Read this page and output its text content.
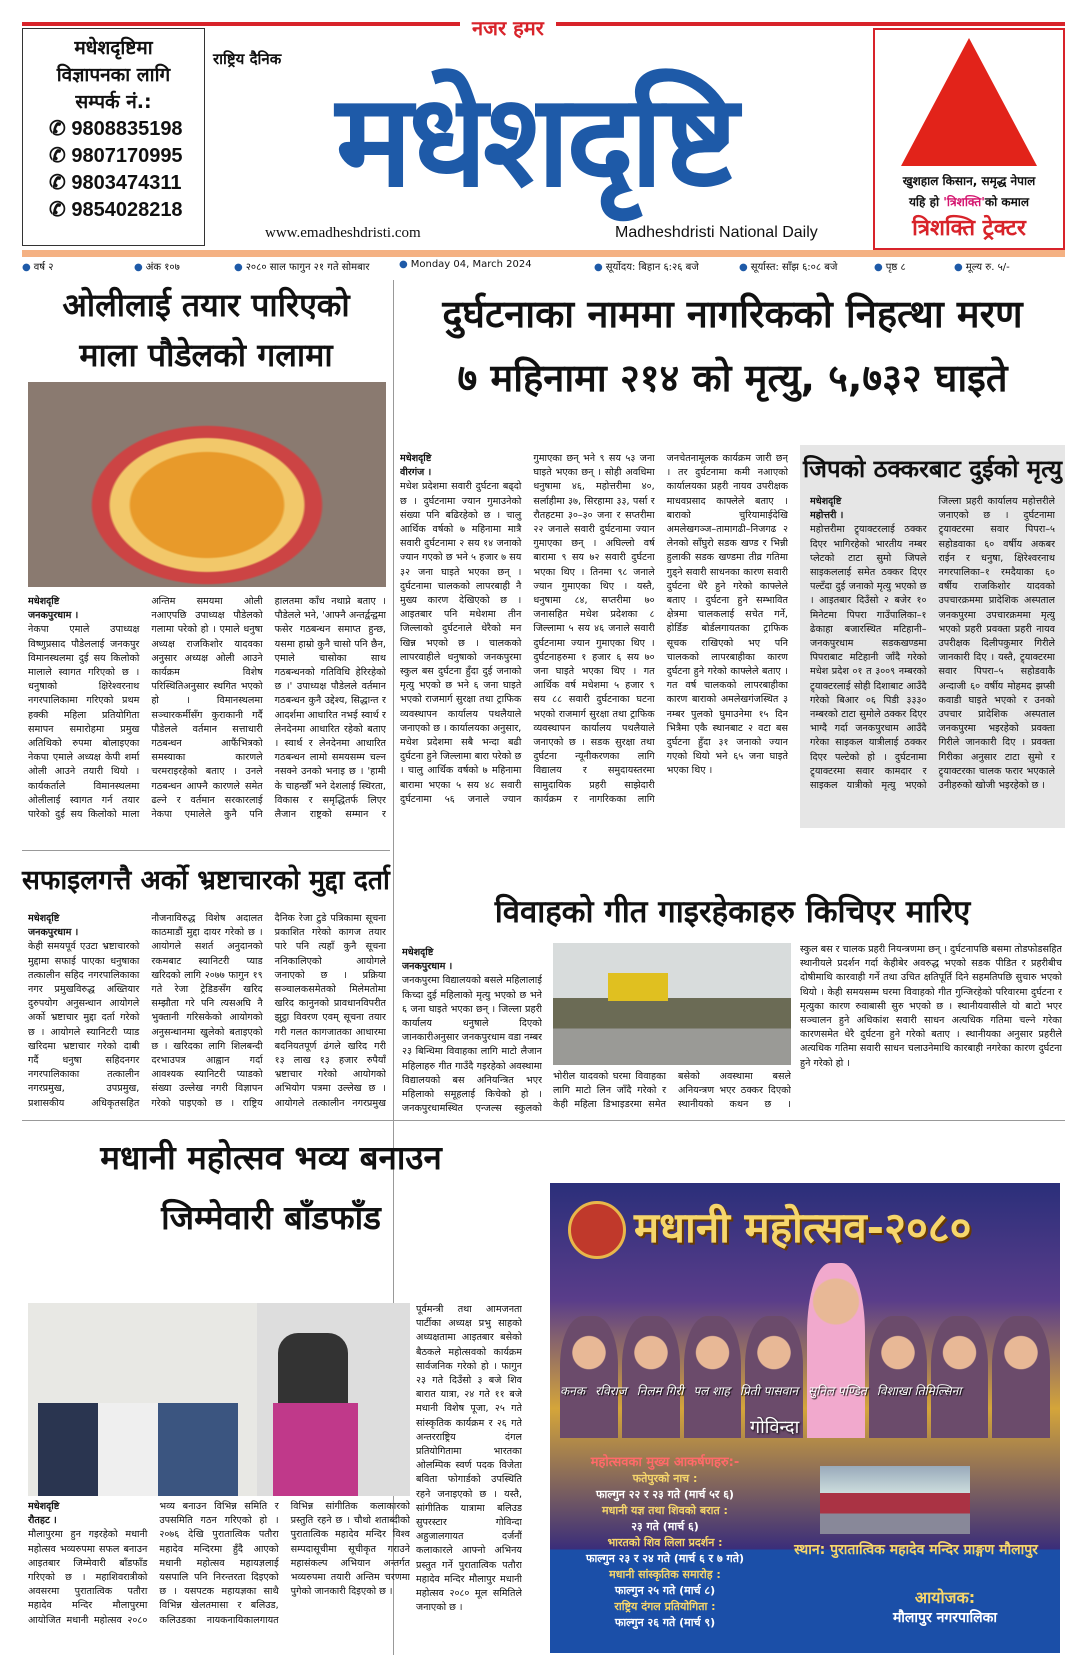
नजर हमर
मधेशदृष्टिमा
विज्ञापनका लागि
सम्पर्क नं.:
✆ 9808835198
✆ 9807170995
✆ 9803474311
✆ 9854028218
राष्ट्रिय दैनिक
मधेशदृष्टि
www.emadheshdristi.com	Madheshdristi National Daily
खुशहाल किसान, समृद्ध नेपाल
यहि हो 'त्रिशक्ति'को कमाल
त्रिशक्ति ट्रेक्टर
● वर्ष २	● अंक १०७	● २०८० साल फागुन २१ गते सोमबार	● Monday 04, March 2024	● सूर्योदय: बिहान ६:२६ बजे	● सूर्यास्त: साँझ ६:०८ बजे	● पृष्ठ ८	● मूल्य रु. ५/-
ओलीलाई तयार पारिएको
माला पौडेलको गलामा
मधेशदृष्टि
जनकपुरधाम ।
नेकपा एमाले उपाध्यक्ष विष्णुप्रसाद पौडेललाई जनकपुर विमानस्थलमा दुई सय किलोको मालाले स्वागत गरिएको छ । धनुषाको क्षिरेश्वरनाथ नगरपालिकामा गरिएको प्रथम हक्की महिला प्रतियोगिता समापन समारोहमा प्रमुख अतिथिको रुपमा बोलाइएका नेकपा एमाले अध्यक्ष केपी शर्मा ओली आउने तयारी थियो । कार्यकर्ताले विमानस्थलमा ओलीलाई स्वागत गर्न तयार पारेको दुई सय किलोको माला अन्तिम समयमा ओली नआएपछि उपाध्यक्ष पौडेलको गलामा परेको हो । एमाले धनुषा अध्यक्ष राजकिशोर यादवका अनुसार अध्यक्ष ओली आउने कार्यक्रम विशेष परिस्थितिअनुसार स्थगित भएको हो । विमानस्थलमा सञ्चारकर्मीसँग कुराकानी गर्दै पौडेलले वर्तमान सत्ताधारी गठबन्धन आफैंभित्रको समस्याका कारणले चरमराइरहेको बताए । उनले गठबन्धन आफ्नै कारणले समेत ढल्ने र वर्तमान सरकारलाई नेकपा एमालेले कुनै पनि हालतमा काँध नथाप्ने बताए । पौडेलले भने, 'आफ्नै अन्तर्द्वन्द्वमा फसेर गठबन्धन समाप्त हुन्छ, यसमा हाम्रो कुनै चासो पनि छैन, एमाले चासोका साथ गठबन्धनको गतिविधि हेरिरहेको छ ।' उपाध्यक्ष पौडेलले वर्तमान गठबन्धन कुनै उद्देश्य, सिद्धान्त र आदर्शमा आधारित नभई स्वार्थ र लेनदेनमा आधारित रहेको बताए । स्वार्थ र लेनदेनमा आधारित गठबन्धन लामो समयसम्म चल्न नसक्ने उनको भनाइ छ । 'हामी के चाहन्छौँ भने देशलाई स्थिरता, विकास र समृद्धितर्फ लिएर लैजान राष्ट्रको सम्मान र
दुर्घटनाका नाममा नागरिकको निहत्था मरण
७ महिनामा २१४ को मृत्यु, ५,७३२ घाइते
मधेशदृष्टि
वीरगंज ।
मधेश प्रदेशमा सवारी दुर्घटना बढ्दो छ । दुर्घटनामा ज्यान गुमाउनेको संख्या पनि बढिरहेको छ । चालु आर्थिक वर्षको ७ महिनामा मात्रै सवारी दुर्घटनामा २ सय १४ जनाको ज्यान गएको छ भने ५ हजार ७ सय ३२ जना घाइते भएका छन् । दुर्घटनामा चालकको लापरबाही नै मुख्य कारण देखिएको छ । आइतबार पनि मधेशमा तीन जिल्लाको दुर्घटनाले धेरैको मन खिन्न भएको छ । चालकको लापरवाहीले धनुषाको जनकपुरमा स्कुल बस दुर्घटना हुँदा दुई जनाको मृत्यु भएको छ भने ६ जना घाइते भएको राजमार्ग सुरक्षा तथा ट्राफिक व्यवस्थापन कार्यालय पथलैयाले जनाएको छ । कार्यालयका अनुसार, मधेश प्रदेशमा सबै भन्दा बढी दुर्घटना हुने जिल्लामा बारा परेको छ । चालु आर्थिक वर्षको ७ महिनामा बारामा भएका ५ सय ४८ सवारी दुर्घटनामा ५६ जनाले ज्यान गुमाएका छन् भने ९ सय ५३ जना घाइते भएका छन् । सोही अवधिमा धनुषामा ४६, महोत्तरीमा ४०, सर्लाहीमा ३७, सिरहामा ३३, पर्सा र रौतहटमा ३०–३० जना र सप्तरीमा २२ जनाले सवारी दुर्घटनामा ज्यान गुमाएका छन् । अघिल्लो वर्ष बारामा ९ सय ७२ सवारी दुर्घटना भएका थिए । तिनमा ९८ जनाले ज्यान गुमाएका थिए । यस्तै, धनुषामा ८४, सप्तरीमा ७० जनासहित मधेश प्रदेशका ८ जिल्लामा ५ सय ४६ जनाले सवारी दुर्घटनामा ज्यान गुमाएका थिए । दुर्घटनाहरुमा १ हजार ६ सय ७० जना घाइते भएका थिए । गत आर्थिक वर्ष मधेशमा ५ हजार ९ सय ८८ सवारी दुर्घटनाका घटना भएको राजमार्ग सुरक्षा तथा ट्राफिक व्यवस्थापन कार्यालय पथलैयाले जनाएको छ । सडक सुरक्षा तथा दुर्घटना न्यूनीकरणका लागि विद्यालय र समुदायस्तरमा सामुदायिक प्रहरी साझेदारी कार्यक्रम र नागरिकका लागि जनचेतनामूलक कार्यक्रम जारी छन् । तर दुर्घटनामा कमी नआएको कार्यालयका प्रहरी नायव उपरीक्षक माधवप्रसाद काफ्लेले बताए । बाराको चुरियामाईदेखि अमलेखगञ्ज–तामागढी–निजगढ २ लेनको साँघुरो सडक खण्ड र भिन्नी हुलाकी सडक खण्डमा तीव्र गतिमा गुड्ने सवारी साधनका कारण सवारी दुर्घटना धेरै हुने गरेको काफ्लेले बताए । दुर्घटना हुने सम्भावित क्षेत्रमा चालकलाई सचेत गर्ने, होर्डिङ बोर्डलगायतका ट्राफिक सूचक राखिएको भए पनि चालकको लापरबाहीका कारण दुर्घटना हुने गरेको काफ्लेले बताए । गत वर्ष चालकको लापरबाहीका कारण बाराको अमलेखगंजस्थित ३ नम्बर पुलको घुमाउनेमा १५ दिन भित्रैमा एकै स्थानबाट २ वटा बस दुर्घटना हुँदा ३१ जनाको ज्यान गएको थियो भने ६५ जना घाइते भएका थिए ।
जिपको ठक्करबाट दुईको मृत्यु
मधेशदृष्टि
महोत्तरी ।
महोत्तरीमा ट्र्याक्टरलाई ठक्कर दिएर भागिरहेको भारतीय नम्बर प्लेटको टाटा सुमो जिपले साइकललाई समेत ठक्कर दिएर पल्टँदा दुई जनाको मृत्यु भएको छ । आइतबार दिउँसो २ बजेर १० मिनेटमा पिपरा गाउँपालिका–१ ढेकाहा बजारस्थित मटिहानी–जनकपुरधाम सडकखण्डमा पिपराबाट मटिहानी जाँदै गरेको मधेश प्रदेश ०१ त ३००९ नम्बरको ट्र्याक्टरलाई सोही दिशाबाट आउँदै गरेको बिआर ०६ पिडी ३३३० नम्बरको टाटा सुमोले ठक्कर दिएर भाग्दै गर्दा जनकपुरधाम आउँदै गरेका साइकल यात्रीलाई ठक्कर दिएर पल्टेको हो । दुर्घटनामा ट्र्याक्टरमा सवार कामदार र साइकल यात्रीको मृत्यु भएको जिल्ला प्रहरी कार्यालय महोत्तरीले जनाएको छ । दुर्घटनामा ट्र्याक्टरमा सवार पिपरा–५ सहोडवाका ६० वर्षीय अकबर राईन र धनुषा, क्षिरेश्वरनाथ नगरपालिका–१ रमदैयाका ६० वर्षीय राजकिशोर यादवको उपचारक्रममा प्रादेशिक अस्पताल जनकपुरमा उपचारक्रममा मृत्यु भएको प्रहरी प्रवक्ता प्रहरी नायव उपरीक्षक दिलीपकुमार गिरीले जानकारी दिए । यस्तै, ट्र्याक्टरमा सवार पिपरा–५ सहोडवाकै अन्दाजी ६० वर्षीय मोहमद झप्सी कवाडी घाइते भएको र उनको उपचार प्रादेशिक अस्पताल जनकपुरमा भइरहेको प्रवक्ता गिरीले जानकारी दिए । प्रवक्ता गिरीका अनुसार टाटा सुमो र ट्र्याक्टरका चालक फरार भएकाले उनीहरुको खोजी भइरहेको छ ।
सफाइलगत्तै अर्को भ्रष्टाचारको मुद्दा दर्ता
मधेशदृष्टि
जनकपुरधाम ।
केही समयपूर्व एउटा भ्रष्टाचारको मुद्दामा सफाई पाएका धनुषाका तत्कालीन सहिद नगरपालिकाका नगर प्रमुखविरुद्ध अख्तियार दुरुपयोग अनुसन्धान आयोगले अर्को भ्रष्टाचार मुद्दा दर्ता गरेको छ । आयोगले स्यानिटरी प्याड खरिदमा भ्रष्टाचार गरेको दाबी गर्दै धनुषा सहिदनगर नगरपालिकाका तत्कालीन नगरप्रमुख, उपप्रमुख, प्रशासकीय अधिकृतसहित नौजनाविरुद्ध विशेष अदालत काठमाडौं मुद्दा दायर गरेको छ । आयोगले सशर्त अनुदानको रकमबाट स्यानिटरी प्याड खरिदको लागि २०७७ फागुन १९ गते रेजा ट्रेडिङसँग खरिद सम्झौता गरे पनि त्यसअघि नै भुक्तानी गरिसकेको आयोगको अनुसन्धानमा खुलेको बताइएको छ । खरिदका लागि शिलबन्दी दरभाउपत्र आह्वान गर्दा आवश्यक स्यानिटरी प्याडको संख्या उल्लेख नगरी विज्ञापन गरेको पाइएको छ । राष्ट्रिय दैनिक रेजा टुडे पत्रिकामा सूचना प्रकाशित गरेको कागज तयार पारे पनि त्यहाँ कुनै सूचना ननिकालिएको आयोगले जनाएको छ । प्रक्रिया सञ्चालकसमेतको मिलेमतोमा खरिद कानुनको प्रावधानविपरीत झुट्ठा विवरण एवम् सूचना तयार गरी गलत कागजातका आधारमा बदनियतपूर्ण ढंगले खरिद गरी १३ लाख १३ हजार रुपैयाँ भ्रष्टाचार गरेको आयोगको अभियोग पत्रमा उल्लेख छ । आयोगले तत्कालीन नगरप्रमुख
विवाहको गीत गाइरहेकाहरु किचिएर मारिए
मधेशदृष्टि
जनकपुरधाम ।
जनकपुरमा विद्यालयको बसले महिलालाई किच्दा दुई महिलाको मृत्यु भएको छ भने ६ जना घाइते भएका छन् । जिल्ला प्रहरी कार्यालय धनुषाले दिएको जानकारीअनुसार जनकपुरधाम वडा नम्बर २३ बिन्धिमा विवाहका लागि माटो लैजान महिलाहरु गीत गाउँदै गइरहेको अवस्थामा विद्यालयको बस अनियन्त्रित भएर महिलाको समूहलाई किचेको हो । जनकपुरधामस्थित एन्जल्स स्कुलको
भोरील यादवको घरमा विवाहका लागि माटो लिन जाँदै गरेको र केही महिला डिभाइडरमा समेत बसेको अवस्थामा बसले अनियन्त्रण भएर ठक्कर दिएको स्थानीयको कथन छ ।
स्कुल बस र चालक प्रहरी नियन्त्रणमा छन् । दुर्घटनापछि बसमा तोडफोडसहित स्थानीयले प्रदर्शन गर्दा केहीबेर अवरुद्ध भएको सडक पीडित र प्रहरीबीच दोषीमाथि कारवाही गर्ने तथा उचित क्षतिपूर्ति दिने सहमतिपछि सुचारु भएको थियो । केही समयसम्म घरमा विवाहको गीत गुन्जिरहेको परिवारमा दुर्घटना र मृत्युका कारण रुवाबासी सुरु भएको छ । स्थानीयवासीले यो बाटो भएर सञ्चालन हुने अधिकांश सवारी साधन अत्यधिक गतिमा चल्ने गरेका कारणसमेत धेरै दुर्घटना हुने गरेको बताए । स्थानीयका अनुसार प्रहरीले अत्यधिक गतिमा सवारी साधन चलाउनेमाथि कारबाही नगरेका कारण दुर्घटना हुने गरेको हो ।
मधानी महोत्सव भव्य बनाउन
जिम्मेवारी बाँडफाँड
मधेशदृष्टि
रौतहट ।
मौलापुरमा हुन गइरहेको मधानी महोत्सव भव्यरुपमा सफल बनाउन आइतबार जिम्मेवारी बाँडफाँड गरिएको छ । महाशिवरात्रीको अवसरमा पुरातात्विक पतौरा महादेव मन्दिर मौलापुरमा आयोजित मधानी महोत्सव २०८० भव्य बनाउन विभिन्न समिति र उपसमिति गठन गरिएको हो । २०७६ देखि पुरातात्विक पतौरा महादेव मन्दिरमा हुँदै आएको मधानी महोत्सव महायज्ञलाई यसपालि पनि निरन्तरता दिइएको छ । यसपटक महायज्ञका साथै विभिन्न खेलतमासा र बलिउड, कलिउडका नायकनायिकालगायत विभिन्न सांगीतिक कलाकारको प्रस्तुति रहने छ । चौथो शताब्दीको पुरातात्विक महादेव मन्दिर विश्व सम्पदासूचीमा सूचीकृत गराउने महासंकल्प अभियान अन्तर्गत भव्यरुपमा तयारी अन्तिम चरणमा पुगेको जानकारी दिइएको छ ।
पूर्वमन्त्री तथा आमजनता पार्टीका अध्यक्ष प्रभु साहको अध्यक्षतामा आइतबार बसेको बैठकले महोत्सवको कार्यक्रम सार्वजनिक गरेको हो । फागुन २३ गते दिउँसो ३ बजे शिव बारात यात्रा, २४ गते ११ बजे मधानी विशेष पूजा, २५ गते सांस्कृतिक कार्यक्रम र २६ गते अन्तरराष्ट्रिय दंगल प्रतियोगितामा भारतका ओलम्पिक स्वर्ण पदक विजेता बविता फोगार्डको उपस्थिति रहने जनाइएको छ । यस्तै, सांगीतिक यात्रामा बलिउड सुपरस्टार गोविन्दा अहुजालगायत दर्जनौं कलाकारले आफ्नो अभिनय प्रस्तुत गर्ने पुरातात्विक पतौरा महादेव मन्दिर मौलापुर मधानी महोत्सव २०८० मूल समितिले जनाएको छ ।
मधानी महोत्सव-२०८०
कनक रविराज निलम गिरी पल शाह प्रिती पासवान सुनिल पण्डित विशाखा तिमिल्सिना
गोविन्दा
महोत्सवका मुख्य आकर्षणहरु:-
फतेपुरको नाच :
फाल्गुन २२ र २३ गते (मार्च ५र ६)
मधानी यज्ञ तथा शिवको बरात :
२३ गते (मार्च ६)
भारतको शिव लिला प्रदर्शन :
फाल्गुन २३ र २४ गते (मार्च ६ र ७ गते)
मधानी सांस्कृतिक समारोह :
फाल्गुन २५ गते (मार्च ८)
राष्ट्रिय दंगल प्रतियोगिता :
फाल्गुन २६ गते (मार्च ९)
स्थान: पुरातात्विक महादेव मन्दिर प्राङ्गण मौलापुर
आयोजक:
मौलापुर नगरपालिका
